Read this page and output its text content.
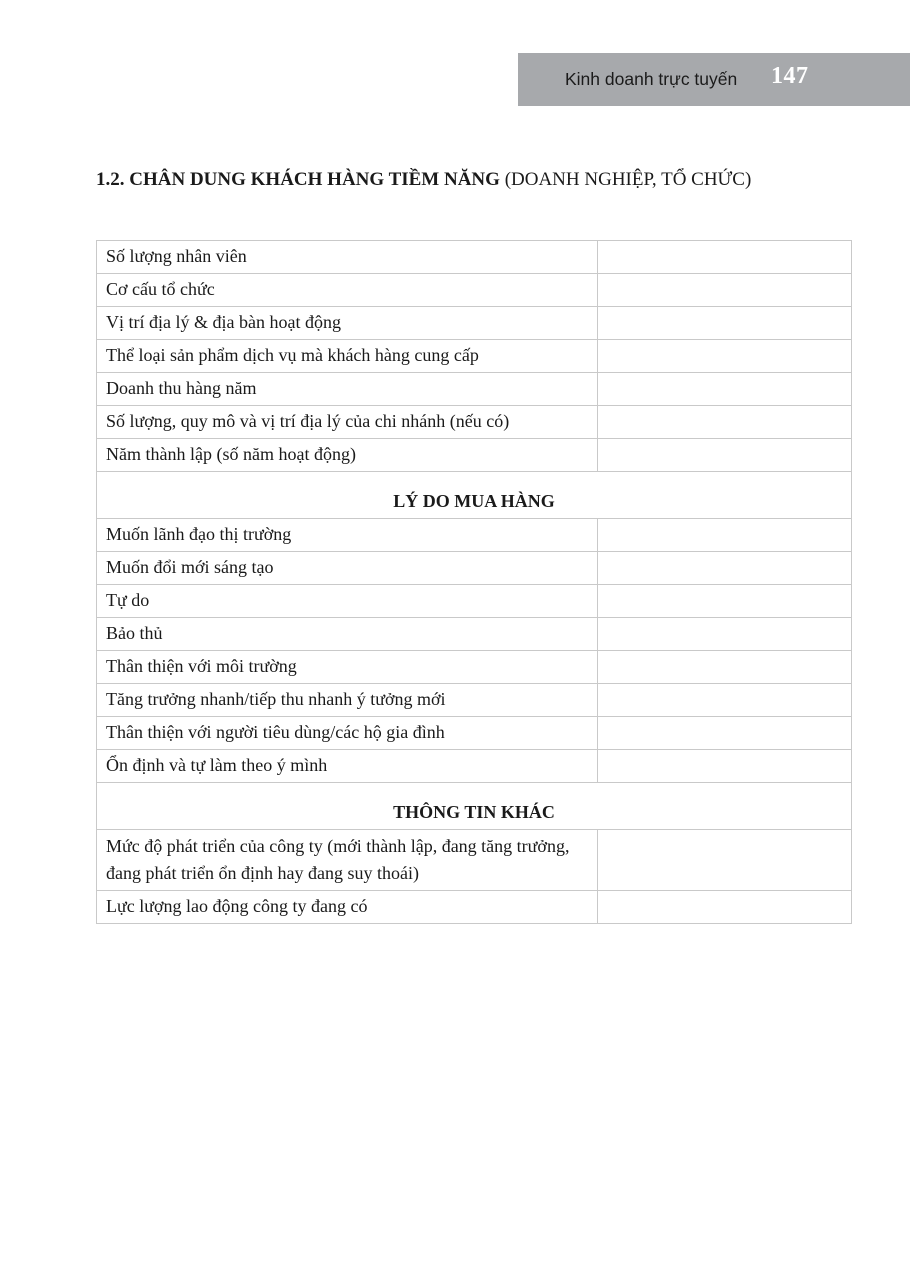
Kinh doanh trực tuyến 147
1.2. CHÂN DUNG KHÁCH HÀNG TIỀM NĂNG (DOANH NGHIỆP, TỔ CHỨC)
Số lượng nhân viên	
Cơ cấu tổ chức	
Vị trí địa lý & địa bàn hoạt động	
Thể loại sản phẩm dịch vụ mà khách hàng cung cấp	
Doanh thu hàng năm	
Số lượng, quy mô và vị trí địa lý của chi nhánh (nếu có)	
Năm thành lập (số năm hoạt động)	
LÝ DO MUA HÀNG	
Muốn lãnh đạo thị trường	
Muốn đổi mới sáng tạo	
Tự do	
Bảo thủ	
Thân thiện với môi trường	
Tăng trưởng nhanh/tiếp thu nhanh ý tưởng mới	
Thân thiện với người tiêu dùng/các hộ gia đình	
Ổn định và tự làm theo ý mình	
THÔNG TIN KHÁC	
Mức độ phát triển của công ty (mới thành lập, đang tăng trưởng, đang phát triển ổn định hay đang suy thoái)	
Lực lượng lao động công ty đang có	
